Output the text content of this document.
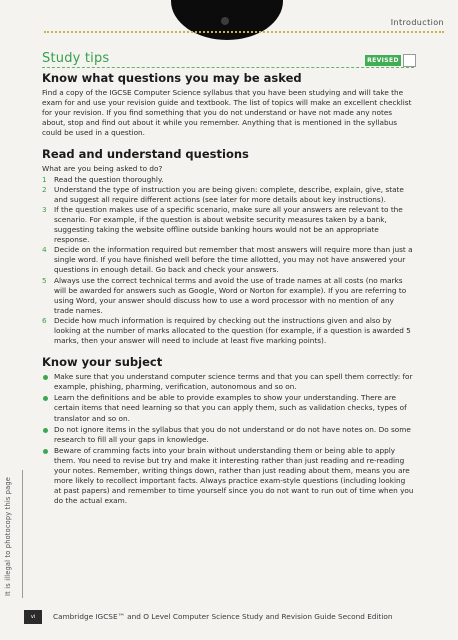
Introduction
Study tips	REVISED
Know what questions you may be asked

Find a copy of the IGCSE Computer Science syllabus that you have been studying and will take the exam for and use your revision guide and textbook. The list of topics will make an excellent checklist for your revision. If you find something that you do not understand or have not made any notes about, stop and find out about it while you remember. Anything that is mentioned in the syllabus could be used in a question.

Read and understand questions

What are you being asked to do?

1 Read the question thoroughly.
2 Understand the type of instruction you are being given: complete, describe, explain, give, state and suggest all require different actions (see later for more details about key instructions).
3 If the question makes use of a specific scenario, make sure all your answers are relevant to the scenario. For example, if the question is about website security measures taken by a bank, suggesting taking the website offline outside banking hours would not be an appropriate response.
4 Decide on the information required but remember that most answers will require more than just a single word. If you have finished well before the time allotted, you may not have answered your questions in enough detail. Go back and check your answers.
5 Always use the correct technical terms and avoid the use of trade names at all costs (no marks will be awarded for answers such as Google, Word or Norton for example). If you are referring to using Word, your answer should discuss how to use a word processor with no mention of any trade names.
6 Decide how much information is required by checking out the instructions given and also by looking at the number of marks allocated to the question (for example, if a question is awarded 5 marks, then your answer will need to include at least five marking points).
Know your subject
Make sure that you understand computer science terms and that you can spell them correctly: for example, phishing, pharming, verification, autonomous and so on.
Learn the definitions and be able to provide examples to show your understanding. There are certain items that need learning so that you can apply them, such as validation checks, types of translator and so on.
Do not ignore items in the syllabus that you do not understand or do not have notes on. Do some research to fill all your gaps in knowledge.
Beware of cramming facts into your brain without understanding them or being able to apply them. You need to revise but try and make it interesting rather than just reading and re-reading your notes. Remember, writing things down, rather than just reading about them, means you are more likely to recollect important facts. Always practice exam-style questions (including looking at past papers) and remember to time yourself since you do not want to run out of time when you do the actual exam.
It is illegal to photocopy this page
vi	Cambridge IGCSE™ and O Level Computer Science Study and Revision Guide Second Edition
